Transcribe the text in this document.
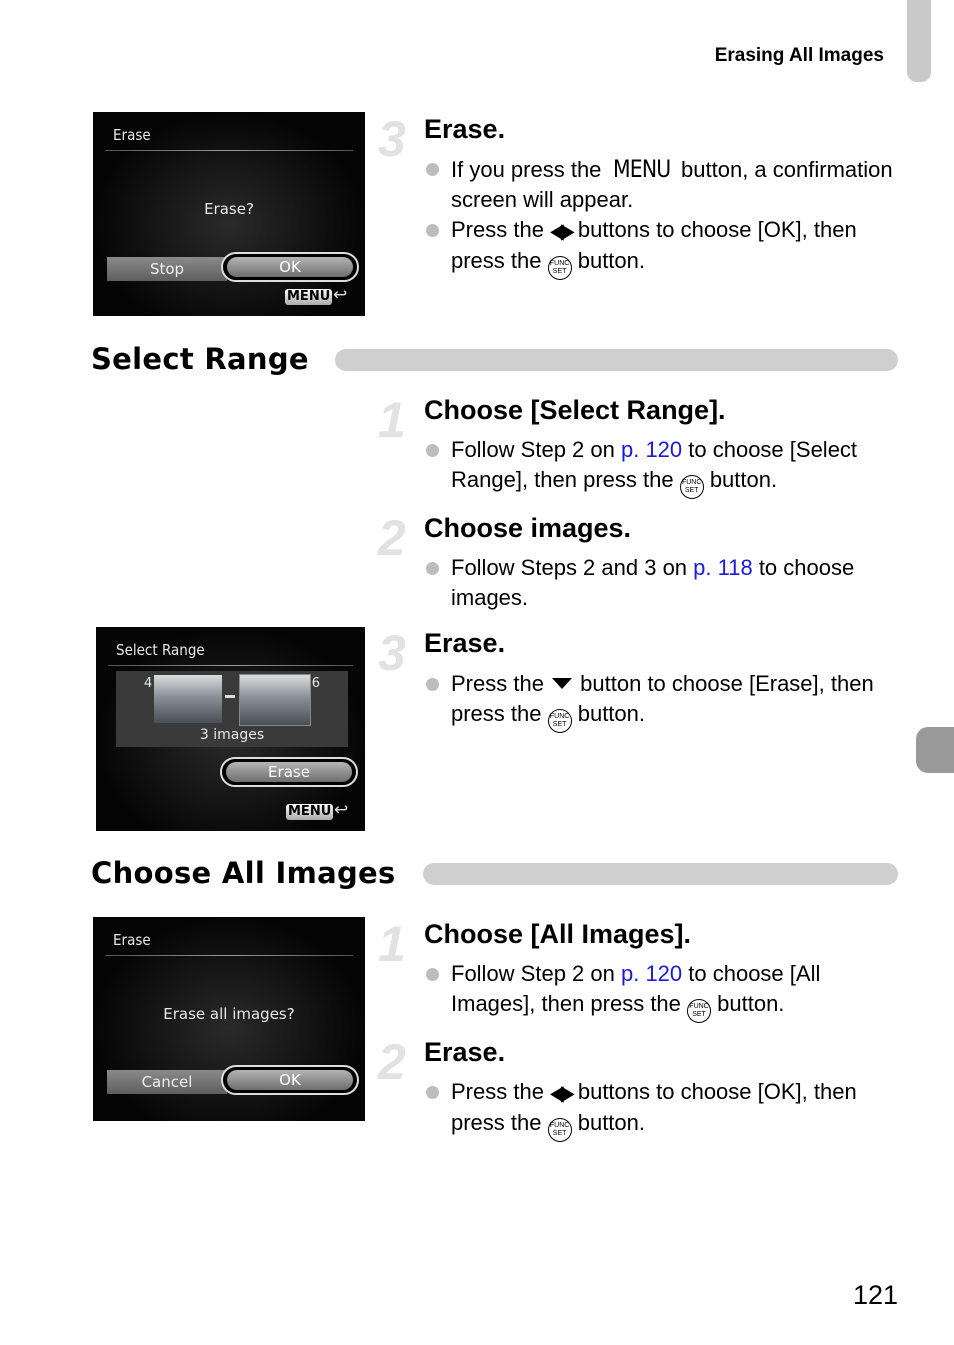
Erasing All Images
121
Erase
Erase?
Stop	OK
MENU ↩
3 Erase.
If you press the MENU button, a confirmation screen will appear.
Press the ◀▶ buttons to choose [OK], then press the FUNC
SET button.
Select Range
1 Choose [Select Range].
Follow Step 2 on p. 120 to choose [Select Range], then press the FUNC
SET button.
2 Choose images.
Follow Steps 2 and 3 on p. 118 to choose images.
Select Range
4	6
3 images
Erase
MENU ↩
3 Erase.
Press the  button to choose [Erase], then press the FUNC
SET button.
Choose All Images
Erase
Erase all images?
Cancel	OK
1 Choose [All Images].
Follow Step 2 on p. 120 to choose [All Images], then press the FUNC
SET button.
2 Erase.
Press the ◀▶ buttons to choose [OK], then press the FUNC
SET button.
